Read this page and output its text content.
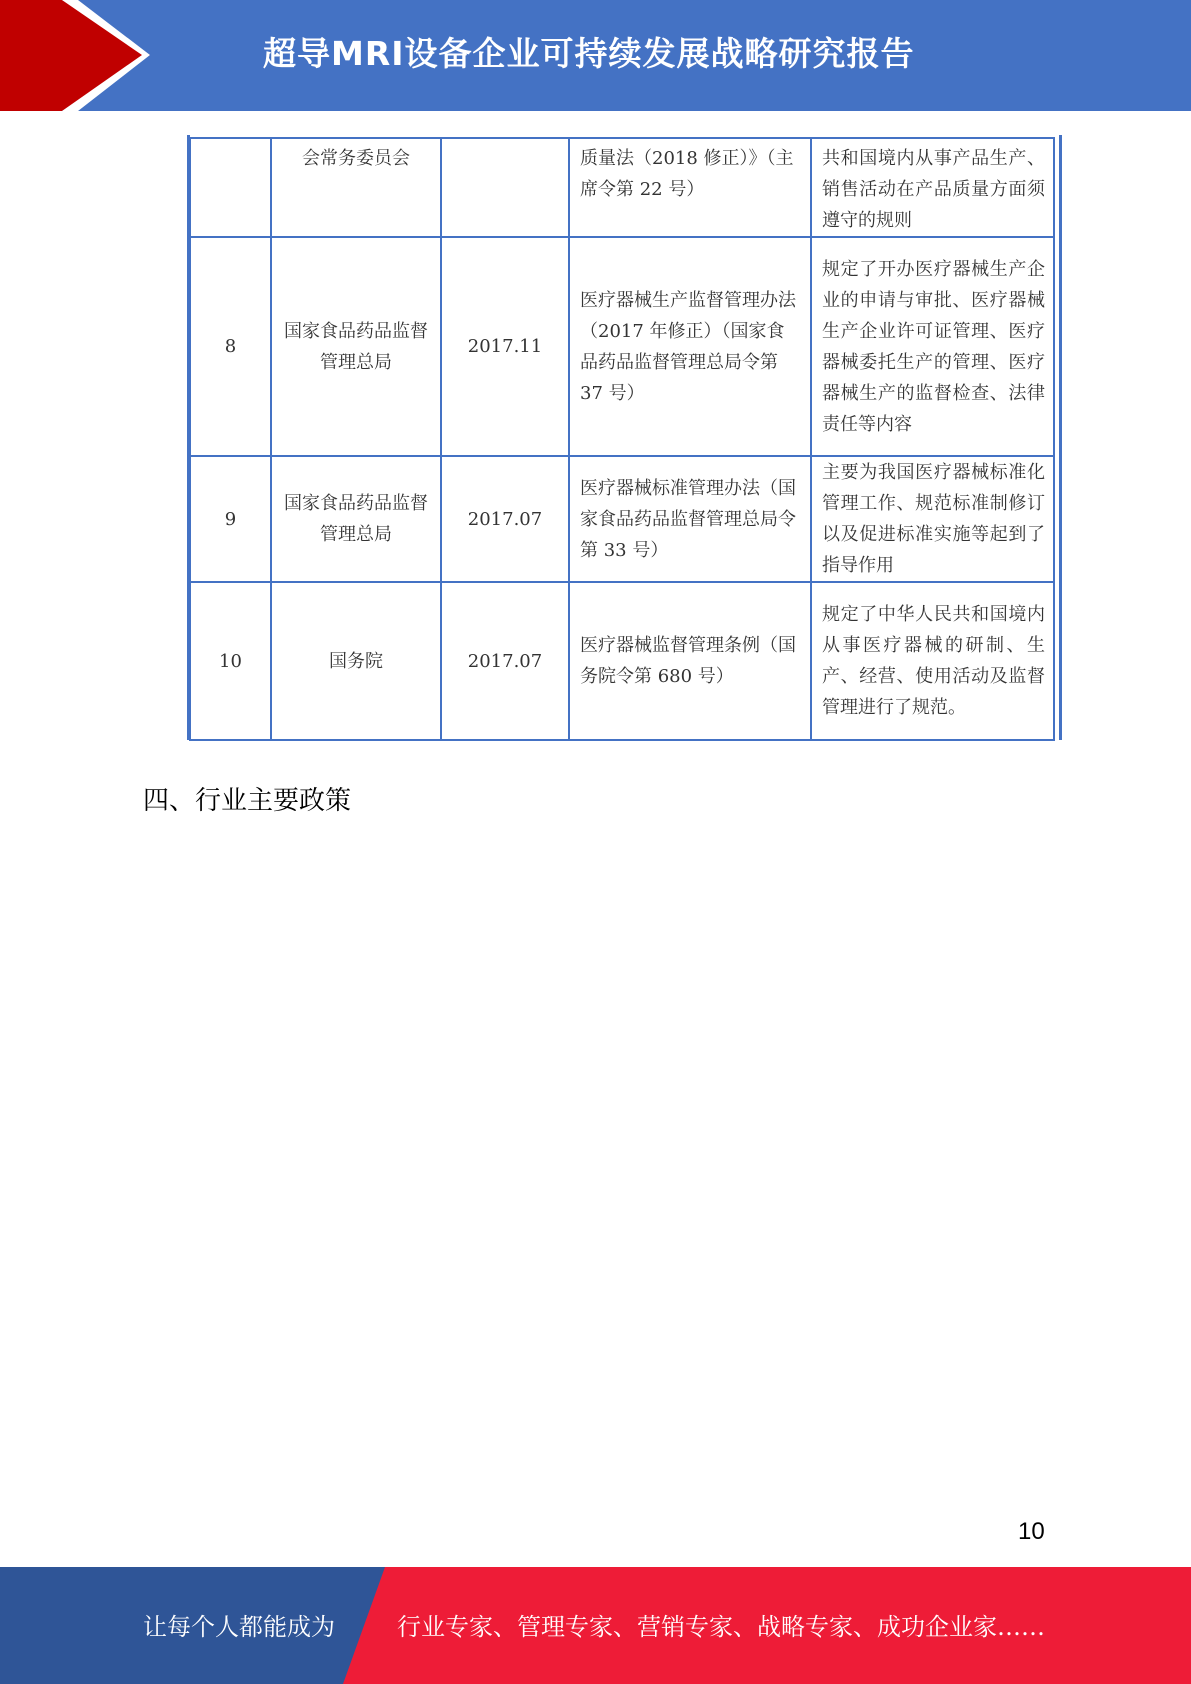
超导MRI设备企业可持续发展战略研究报告
	会常务委员会		质量法（2018 修正）》（主席令第 22 号）	共和国境内从事产品生产、销售活动在产品质量方面须遵守的规则
8	国家食品药品监督管理总局	2017.11	医疗器械生产监督管理办法（2017 年修正）（国家食品药品监督管理总局令第 37 号）	规定了开办医疗器械生产企业的申请与审批、医疗器械生产企业许可证管理、医疗器械委托生产的管理、医疗器械生产的监督检查、法律责任等内容
9	国家食品药品监督管理总局	2017.07	医疗器械标准管理办法（国家食品药品监督管理总局令第 33 号）	主要为我国医疗器械标准化管理工作、规范标准制修订以及促进标准实施等起到了指导作用
10	国务院	2017.07	医疗器械监督管理条例（国务院令第 680 号）	规定了中华人民共和国境内从事医疗器械的研制、生产、经营、使用活动及监督管理进行了规范。
四、行业主要政策
10
让每个人都能成为	行业专家、管理专家、营销专家、战略专家、成功企业家……
